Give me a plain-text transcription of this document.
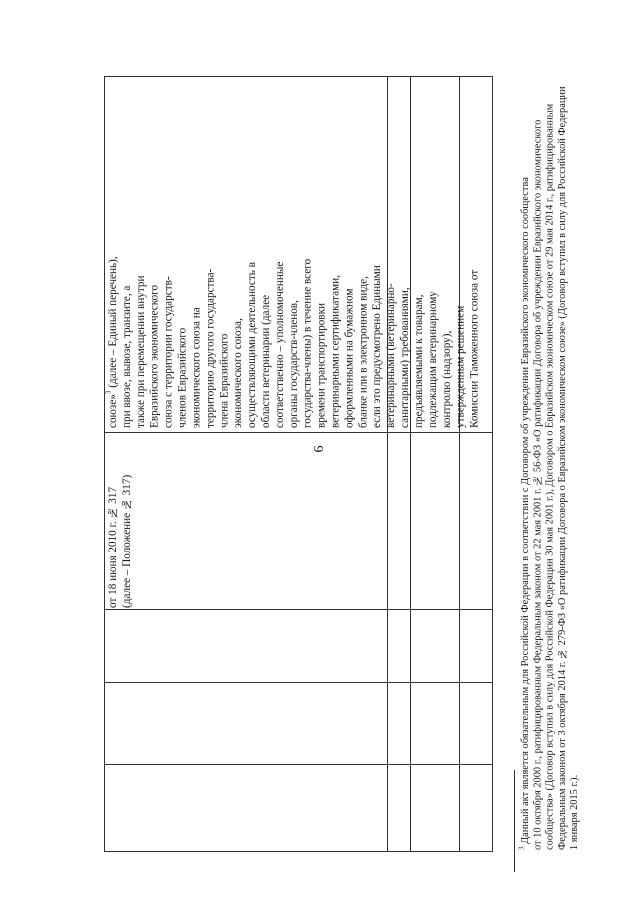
6
союзе»$^3$ (далее – Единый перечень), при ввозе, вывозе, транзите, а также при перемещении внутри Евразийского экономического союза с территории государств- членов Евразийского экономического союза на территорию другого государства- члена Евразийского экономического союза, осуществляющими деятельность в области ветеринарии (далее соответственно – уполномоченные органы государств-членов, государства-члены) в течение всего времени транспортировки ветеринарными сертификатами, оформленными на бумажном бланке или в электронном виде, если это предусмотрено Едиными ветеринарными (ветеринарно- санитарными) требованиями, предъявляемыми к товарам, подлежащим ветеринарному контролю (надзору), утвержденным решением Комиссии Таможенного союза от
от 18 июня 2010 г. № 317 (далее – Положение № 317)
$^3$ Данный акт является обязательным для Российской Федерации в соответствии с Договором об учреждении Евразийского экономического сообщества от 10 октября 2000 г., ратифицированным Федеральным законом от 22 мая 2001 г. № 56-ФЗ «О ратификации Договора об учреждении Евразийского экономического сообщества» (Договор вступил в силу для Российской Федерации 30 мая 2001 г.), Договором о Евразийском экономическом союзе от 29 мая 2014 г., ратифицированным Федеральным законом от 3 октября 2014 г. № 279-ФЗ «О ратификации Договора о Евразийском экономическом союзе» (Договор вступил в силу для Российской Федерации 1 января 2015 г.).
